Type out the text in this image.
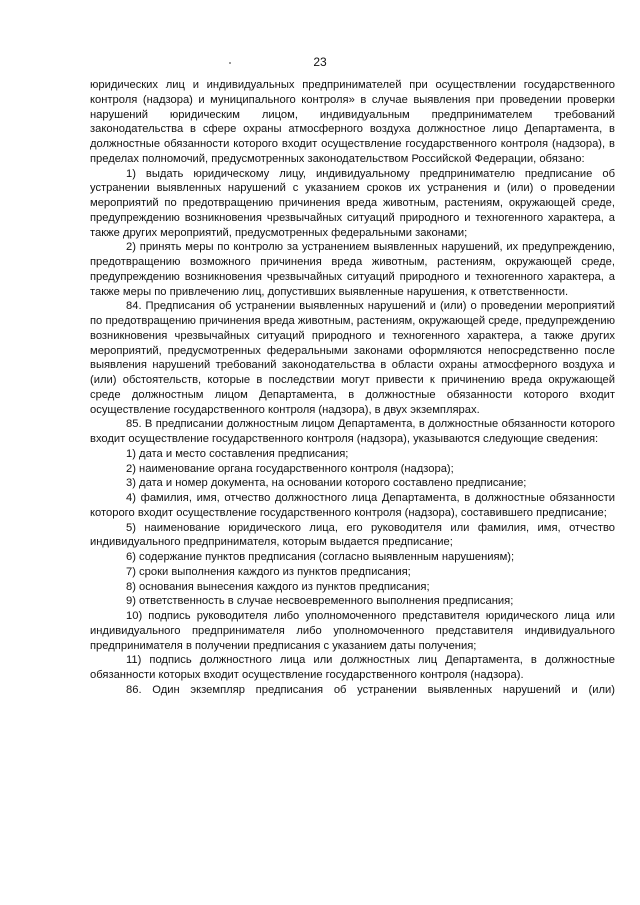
23

юридических лиц и индивидуальных предпринимателей при осуществлении государственного контроля (надзора) и муниципального контроля» в случае выявления при проведении проверки нарушений юридическим лицом, индивидуальным предпринимателем требований законодательства в сфере охраны атмосферного воздуха должностное лицо Департамента, в должностные обязанности которого входит осуществление государственного контроля (надзора), в пределах полномочий, предусмотренных законодательством Российской Федерации, обязано:

1) выдать юридическому лицу, индивидуальному предпринимателю предписание об устранении выявленных нарушений с указанием сроков их устранения и (или) о проведении мероприятий по предотвращению причинения вреда животным, растениям, окружающей среде, предупреждению возникновения чрезвычайных ситуаций природного и техногенного характера, а также других мероприятий, предусмотренных федеральными законами;

2) принять меры по контролю за устранением выявленных нарушений, их предупреждению, предотвращению возможного причинения вреда животным, растениям, окружающей среде, предупреждению возникновения чрезвычайных ситуаций природного и техногенного характера, а также меры по привлечению лиц, допустивших выявленные нарушения, к ответственности.

84. Предписания об устранении выявленных нарушений и (или) о проведении мероприятий по предотвращению причинения вреда животным, растениям, окружающей среде, предупреждению возникновения чрезвычайных ситуаций природного и техногенного характера, а также других мероприятий, предусмотренных федеральными законами оформляются непосредственно после выявления нарушений требований законодательства в области охраны атмосферного воздуха и (или) обстоятельств, которые в последствии могут привести к причинению вреда окружающей среде должностным лицом Департамента, в должностные обязанности которого входит осуществление государственного контроля (надзора), в двух экземплярах.

85. В предписании должностным лицом Департамента, в должностные обязанности которого входит осуществление государственного контроля (надзора), указываются следующие сведения:

1) дата и место составления предписания;

2) наименование органа государственного контроля (надзора);

3) дата и номер документа, на основании которого составлено предписание;

4) фамилия, имя, отчество должностного лица Департамента, в должностные обязанности которого входит осуществление государственного контроля (надзора), составившего предписание;

5) наименование юридического лица, его руководителя или фамилия, имя, отчество индивидуального предпринимателя, которым выдается предписание;

6) содержание пунктов предписания (согласно выявленным нарушениям);

7) сроки выполнения каждого из пунктов предписания;

8) основания вынесения каждого из пунктов предписания;

9) ответственность в случае несвоевременного выполнения предписания;

10) подпись руководителя либо уполномоченного представителя юридического лица или индивидуального предпринимателя либо уполномоченного представителя индивидуального предпринимателя в получении предписания с указанием даты получения;

11) подпись должностного лица или должностных лиц Департамента, в должностные обязанности которых входит осуществление государственного контроля (надзора).

86. Один экземпляр предписания об устранении выявленных нарушений и (или)
